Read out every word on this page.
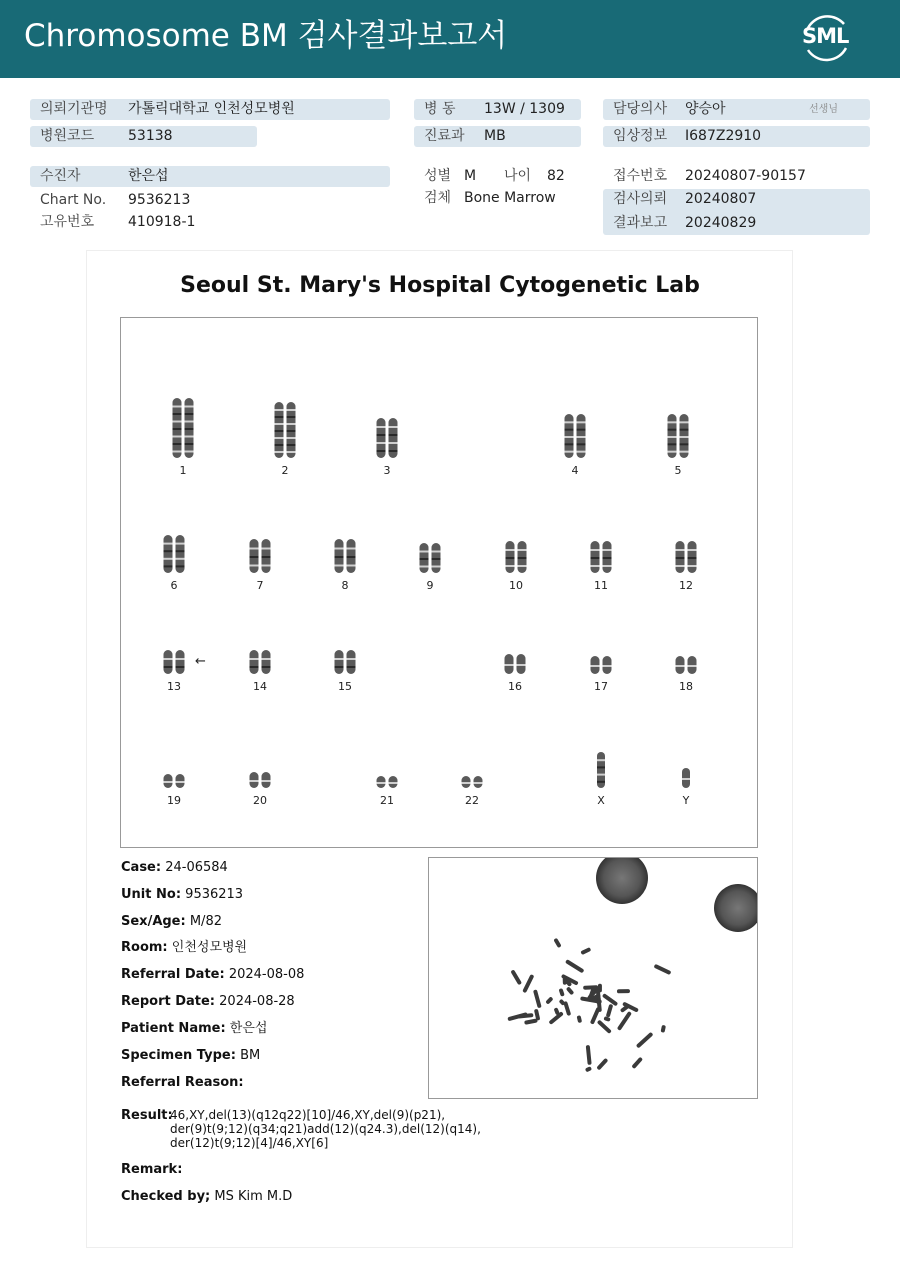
Chromosome BM 검사결과보고서	SML
의뢰기관명 가톨릭대학교 인천성모병원
병원코드 53138
수진자	한은섭
Chart No. 9536213
고유번호 410918-1
병 동 13W / 1309
진료과 MB
성별 M 나이 82
검체 Bone Marrow
담당의사 양승아	선생님
임상정보 I687Z2910
접수번호 20240807-90157
검사의뢰 20240807
결과보고 20240829
Seoul St. Mary's Hospital Cytogenetic Lab
1	2	3	4	5
6	7	8	9	10	11	12
13	14	15	16	17	18
19	20	21	22	X	Y
←
Case: 24-06584
Unit No: 9536213
Sex/Age: M/82
Room: 인천성모병원
Referral Date: 2024-08-08
Report Date: 2024-08-28
Patient Name: 한은섭
Specimen Type: BM
Referral Reason:
Result:
46,XY,del(13)(q12q22)[10]/46,XY,del(9)(p21),
der(9)t(9;12)(q34;q21)add(12)(q24.3),del(12)(q14),
der(12)t(9;12)[4]/46,XY[6]
Remark:
Checked by; MS Kim M.D
